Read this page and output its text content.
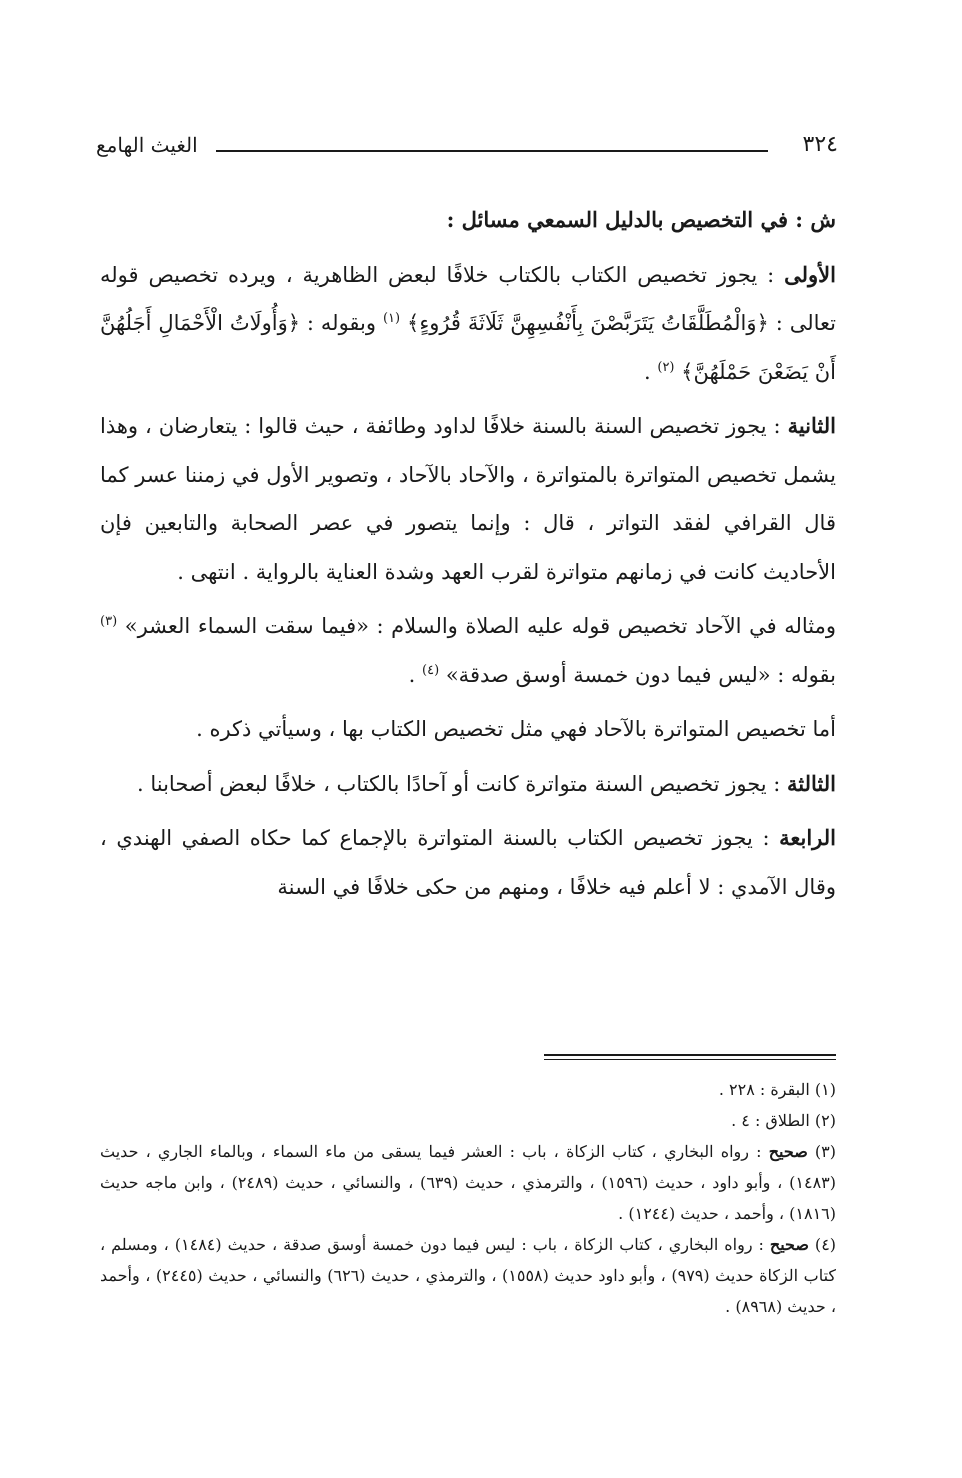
٣٢٤
الغيث الهامع

ش : في التخصيص بالدليل السمعي مسائل :

الأولى : يجوز تخصيص الكتاب بالكتاب خلافًا لبعض الظاهرية ، ويرده تخصيص قوله تعالى : ﴿وَالْمُطَلَّقَاتُ يَتَرَبَّصْنَ بِأَنْفُسِهِنَّ ثَلَاثَةَ قُرُوءٍ﴾ $^{(١)}$ وبقوله : ﴿وَأُولَاتُ الْأَحْمَالِ أَجَلُهُنَّ أَنْ يَضَعْنَ حَمْلَهُنَّ﴾ $^{(٢)}$ .

الثانية : يجوز تخصيص السنة بالسنة خلافًا لداود وطائفة ، حيث قالوا : يتعارضان ، وهذا يشمل تخصيص المتواترة بالمتواترة ، والآحاد بالآحاد ، وتصوير الأول في زمننا عسر كما قال القرافي لفقد التواتر ، قال : وإنما يتصور في عصر الصحابة والتابعين فإن الأحاديث كانت في زمانهم متواترة لقرب العهد وشدة العناية بالرواية . انتهى .

ومثاله في الآحاد تخصيص قوله عليه الصلاة والسلام : «فيما سقت السماء العشر» $^{(٣)}$ بقوله : «ليس فيما دون خمسة أوسق صدقة» $^{(٤)}$ .

أما تخصيص المتواترة بالآحاد فهي مثل تخصيص الكتاب بها ، وسيأتي ذكره .

الثالثة : يجوز تخصيص السنة متواترة كانت أو آحادًا بالكتاب ، خلافًا لبعض أصحابنا .

الرابعة : يجوز تخصيص الكتاب بالسنة المتواترة بالإجماع كما حكاه الصفي الهندي ، وقال الآمدي : لا أعلم فيه خلافًا ، ومنهم من حكى خلافًا في السنة

(١) البقرة : ٢٢٨ .

(٢) الطلاق : ٤ .

(٣) صحيح : رواه البخاري ، كتاب الزكاة ، باب : العشر فيما يسقى من ماء السماء ، وبالماء الجاري ، حديث (١٤٨٣) ، وأبو داود ، حديث (١٥٩٦) ، والترمذي ، حديث (٦٣٩) ، والنسائي ، حديث (٢٤٨٩) ، وابن ماجه حديث (١٨١٦) ، وأحمد ، حديث (١٢٤٤) .

(٤) صحيح : رواه البخاري ، كتاب الزكاة ، باب : ليس فيما دون خمسة أوسق صدقة ، حديث (١٤٨٤) ، ومسلم ، كتاب الزكاة حديث (٩٧٩) ، وأبو داود حديث (١٥٥٨) ، والترمذي ، حديث (٦٢٦) والنسائي ، حديث (٢٤٤٥) ، وأحمد ، حديث (٨٩٦٨) .
